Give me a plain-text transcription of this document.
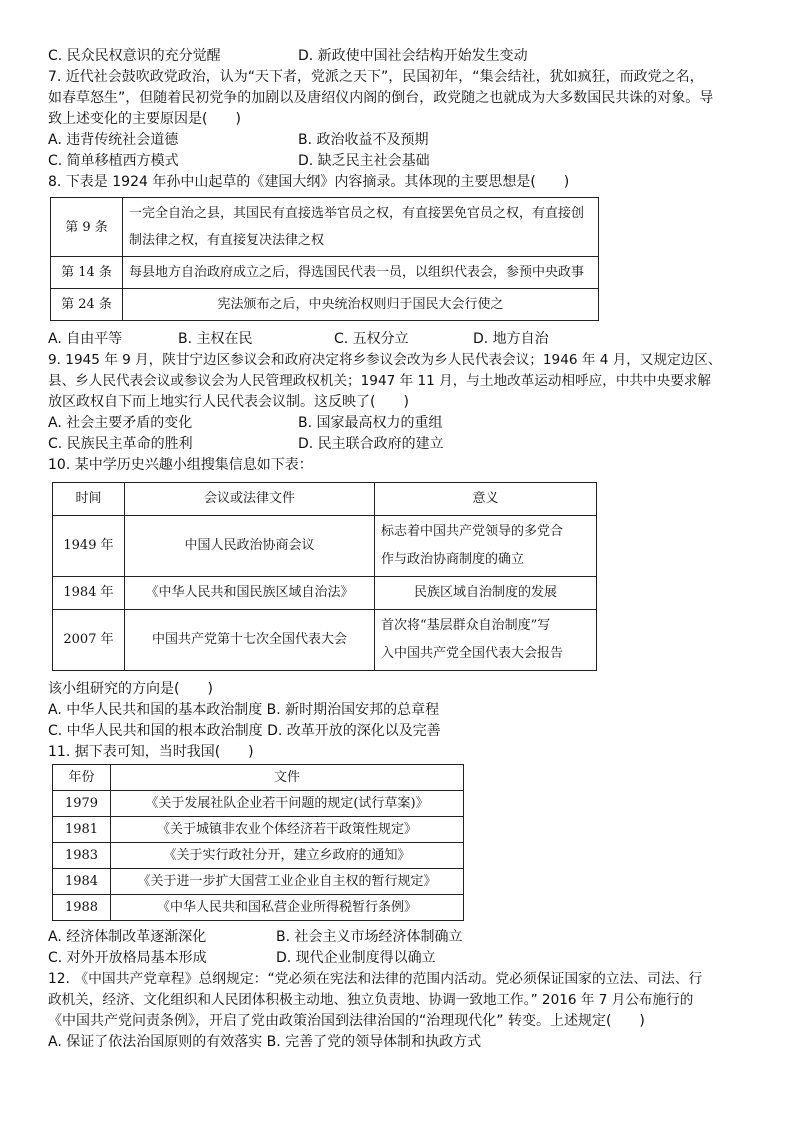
C. 民众民权意识的充分觉醒	D. 新政使中国社会结构开始发生变动
7. 近代社会鼓吹政党政治，认为“天下者，党派之天下”，民国初年，“集会结社，犹如疯狂，而政党之名，
如春草怒生”，但随着民初党争的加剧以及唐绍仪内阁的倒台，政党随之也就成为大多数国民共诛的对象。导
致上述变化的主要原因是(　　)
A. 违背传统社会道德	B. 政治收益不及预期
C. 简单移植西方模式	D. 缺乏民主社会基础
8. 下表是 1924 年孙中山起草的《建国大纲》内容摘录。其体现的主要思想是(　　)
第 9 条	一完全自治之县，其国民有直接选举官员之权，有直接罢免官员之权，有直接创
制法律之权，有直接复决法律之权

第 14 条	每县地方自治政府成立之后，得选国民代表一员，以组织代表会，参预中央政事
第 24 条	宪法颁布之后，中央统治权则归于国民大会行使之
A. 自由平等	B. 主权在民	C. 五权分立	D. 地方自治
9. 1945 年 9 月，陕甘宁边区参议会和政府决定将乡参议会改为乡人民代表会议；1946 年 4 月，又规定边区、
县、乡人民代表会议或参议会为人民管理政权机关；1947 年 11 月，与土地改革运动相呼应，中共中央要求解
放区政权自下而上地实行人民代表会议制。这反映了(　　)
A. 社会主要矛盾的变化	B. 国家最高权力的重组
C. 民族民主革命的胜利	D. 民主联合政府的建立
10. 某中学历史兴趣小组搜集信息如下表：
时间	会议或法律文件	意义
1949 年	中国人民政治协商会议	标志着中国共产党领导的多党合
作与政治协商制度的确立

1984 年	《中华人民共和国民族区域自治法》	民族区域自治制度的发展
2007 年	中国共产党第十七次全国代表大会	首次将“基层群众自治制度”写
入中国共产党全国代表大会报告
该小组研究的方向是(　　)
A. 中华人民共和国的基本政治制度 B. 新时期治国安邦的总章程
C. 中华人民共和国的根本政治制度 D. 改革开放的深化以及完善
11. 据下表可知，当时我国(　　)
年份	文件
1979	《关于发展社队企业若干问题的规定(试行草案)》
1981	《关于城镇非农业个体经济若干政策性规定》
1983	《关于实行政社分开，建立乡政府的通知》
1984	《关于进一步扩大国营工业企业自主权的暂行规定》
1988	《中华人民共和国私营企业所得税暂行条例》
A. 经济体制改革逐渐深化	B. 社会主义市场经济体制确立
C. 对外开放格局基本形成	D. 现代企业制度得以确立
12. 《中国共产党章程》总纲规定：“党必须在宪法和法律的范围内活动。党必须保证国家的立法、司法、行
政机关，经济、文化组织和人民团体积极主动地、独立负责地、协调一致地工作。” 2016 年 7 月公布施行的
《中国共产党问责条例》，开启了党由政策治国到法律治国的“治理现代化” 转变。上述规定(　　)
A. 保证了依法治国原则的有效落实 B. 完善了党的领导体制和执政方式
